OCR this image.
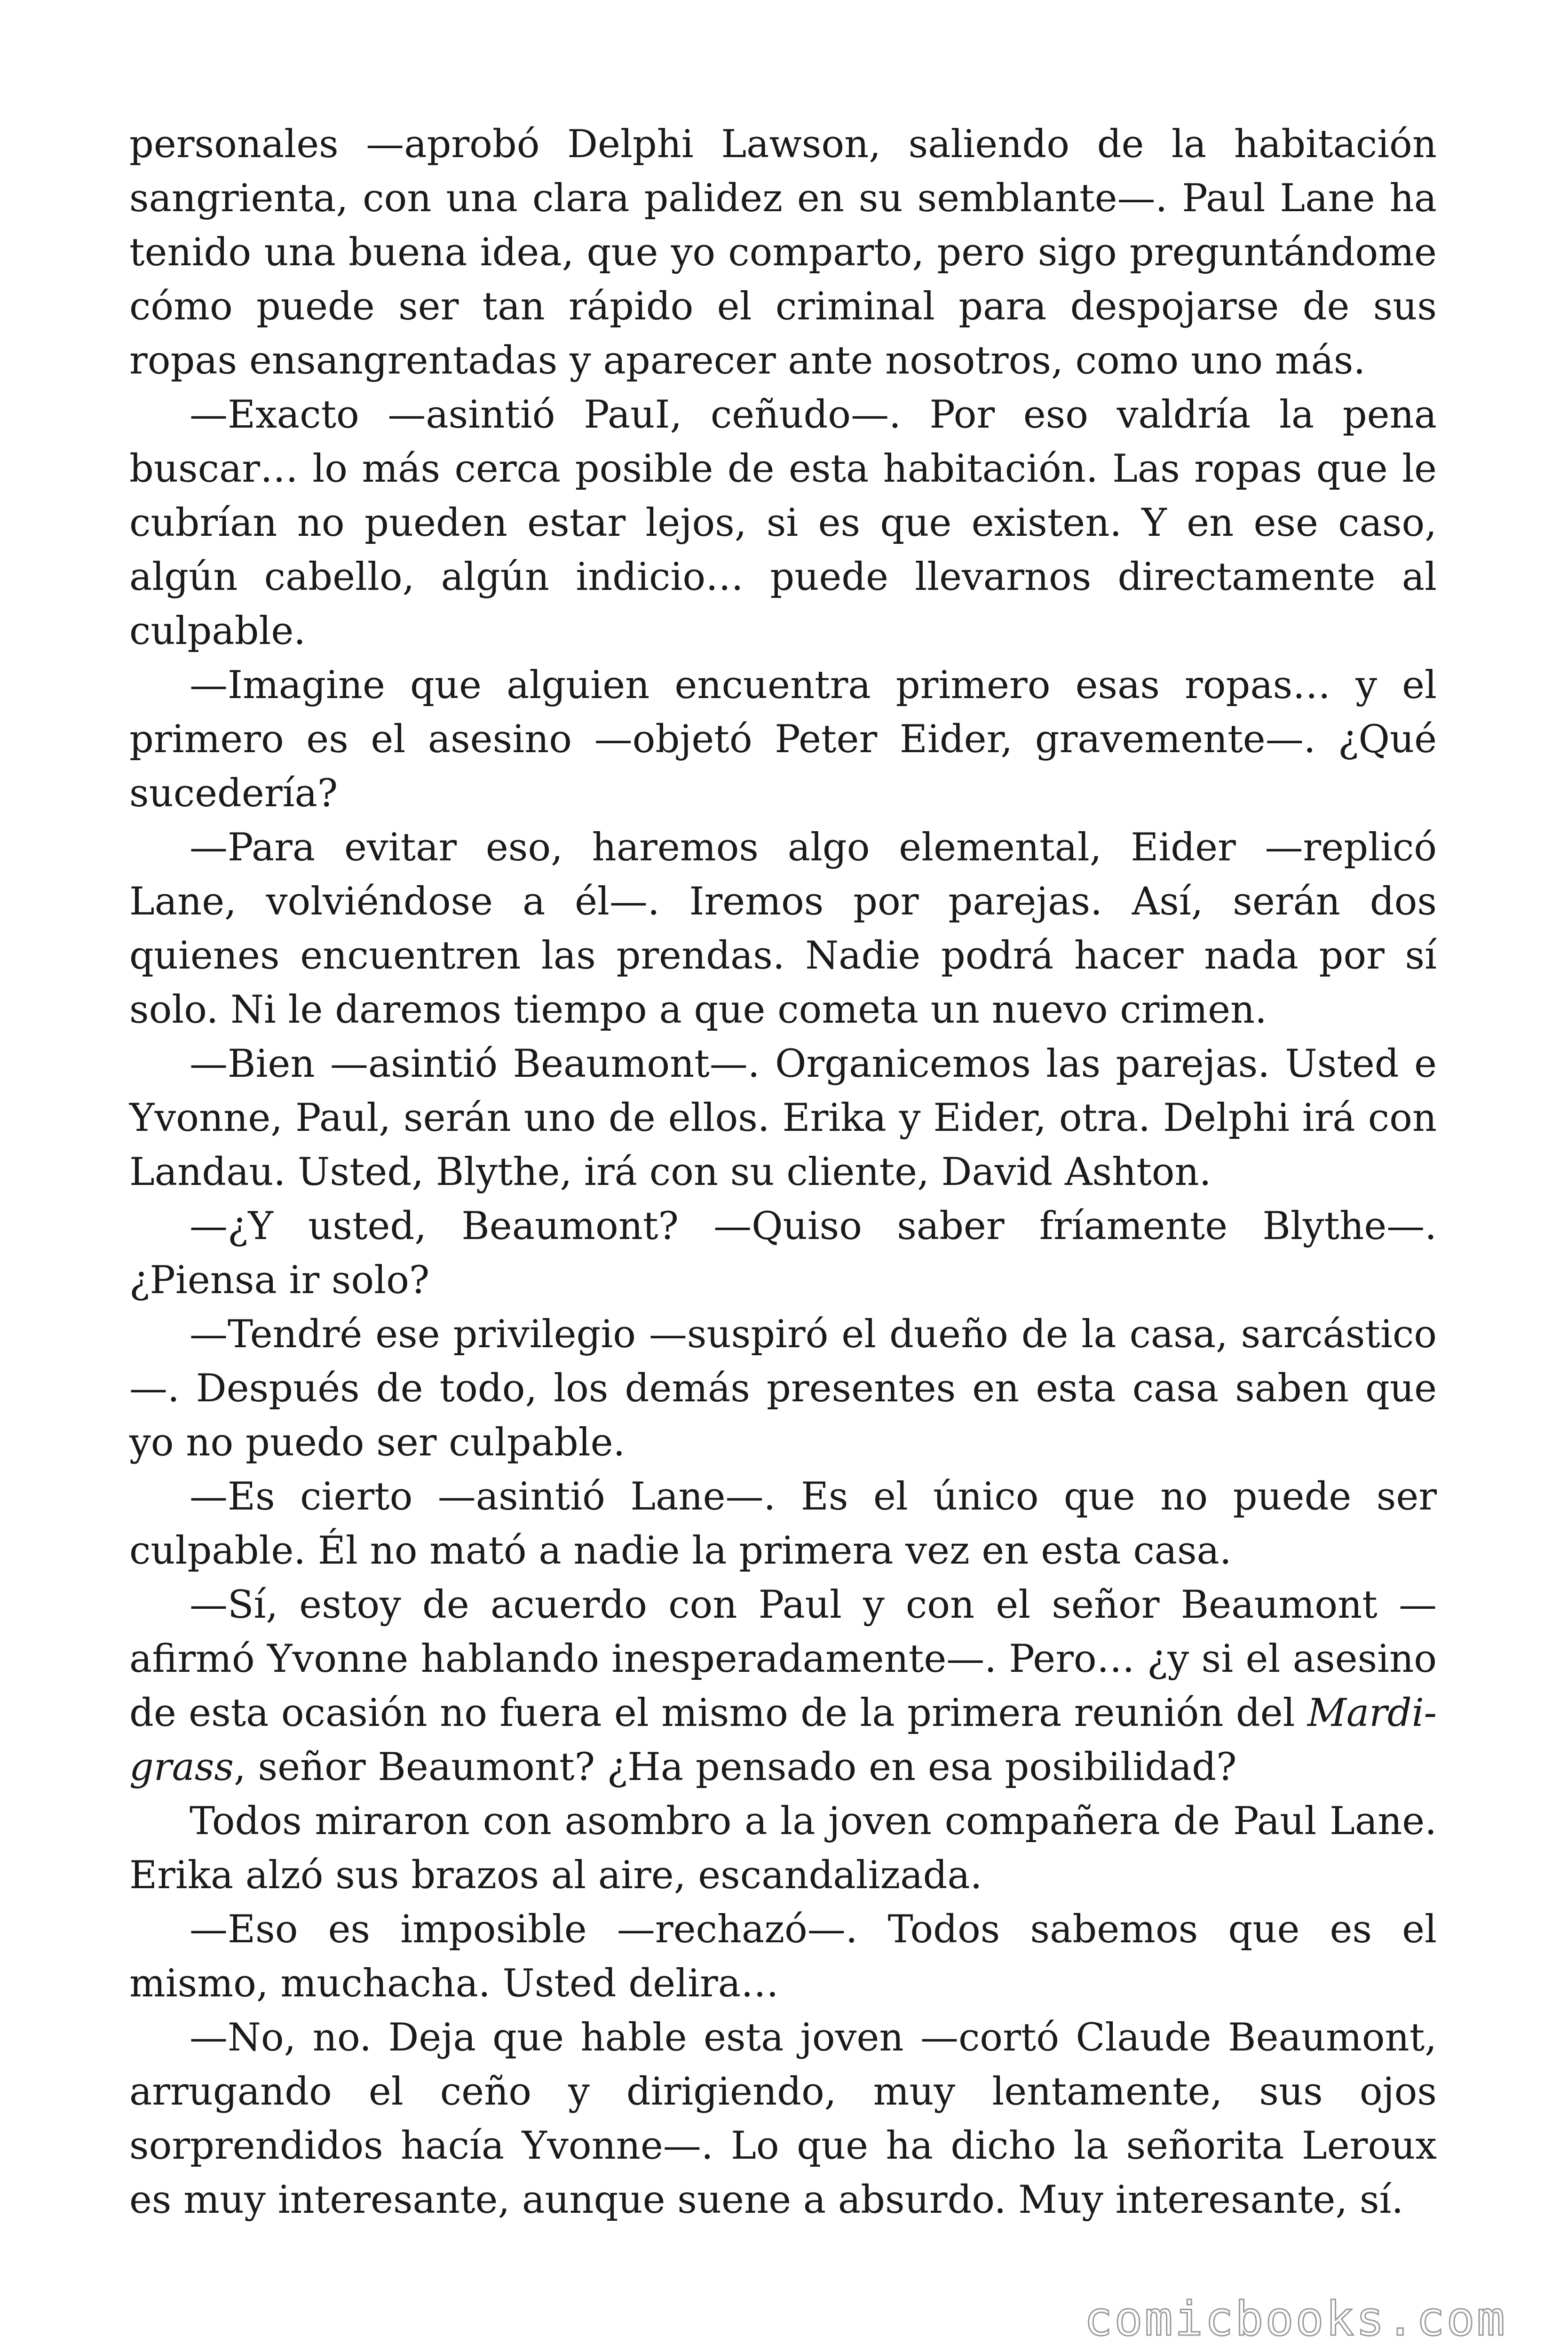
personales —aprobó Delphi Lawson, saliendo de la habitación sangrienta, con una clara palidez en su semblante—. Paul Lane ha tenido una buena idea, que yo comparto, pero sigo preguntándome cómo puede ser tan rápido el criminal para despojarse de sus ropas ensangrentadas y aparecer ante nosotros, como uno más.

—Exacto —asintió PauI, ceñudo—. Por eso valdría la pena buscar… lo más cerca posible de esta habitación. Las ropas que le cubrían no pueden estar lejos, si es que existen. Y en ese caso, algún cabello, algún indicio… puede llevarnos directamente al culpable.

—Imagine que alguien encuentra primero esas ropas… y el primero es el asesino —objetó Peter Eider, gravemente—. ¿Qué sucedería?

—Para evitar eso, haremos algo elemental, Eider —replicó Lane, volviéndose a él—. Iremos por parejas. Así, serán dos quienes encuentren las prendas. Nadie podrá hacer nada por sí solo. Ni le daremos tiempo a que cometa un nuevo crimen.

—Bien —asintió Beaumont—. Organicemos las parejas. Usted e Yvonne, Paul, serán uno de ellos. Erika y Eider, otra. Delphi irá con Landau. Usted, Blythe, irá con su cliente, David Ashton.

—¿Y usted, Beaumont? —Quiso saber fríamente Blythe—. ¿Piensa ir solo?

—Tendré ese privilegio —suspiró el dueño de la casa, sarcástico —. Después de todo, los demás presentes en esta casa saben que yo no puedo ser culpable.

—Es cierto —asintió Lane—. Es el único que no puede ser culpable. Él no mató a nadie la primera vez en esta casa.

—Sí, estoy de acuerdo con Paul y con el señor Beaumont —afirmó Yvonne hablando inesperadamente—. Pero… ¿y si el asesino de esta ocasión no fuera el mismo de la primera reunión del Mardi-grass, señor Beaumont? ¿Ha pensado en esa posibilidad?

Todos miraron con asombro a la joven compañera de Paul Lane. Erika alzó sus brazos al aire, escandalizada.

—Eso es imposible —rechazó—. Todos sabemos que es el mismo, muchacha. Usted delira…

—No, no. Deja que hable esta joven —cortó Claude Beaumont, arrugando el ceño y dirigiendo, muy lentamente, sus ojos sorprendidos hacía Yvonne—. Lo que ha dicho la señorita Leroux es muy interesante, aunque suene a absurdo. Muy interesante, sí.

comicbooks.com
